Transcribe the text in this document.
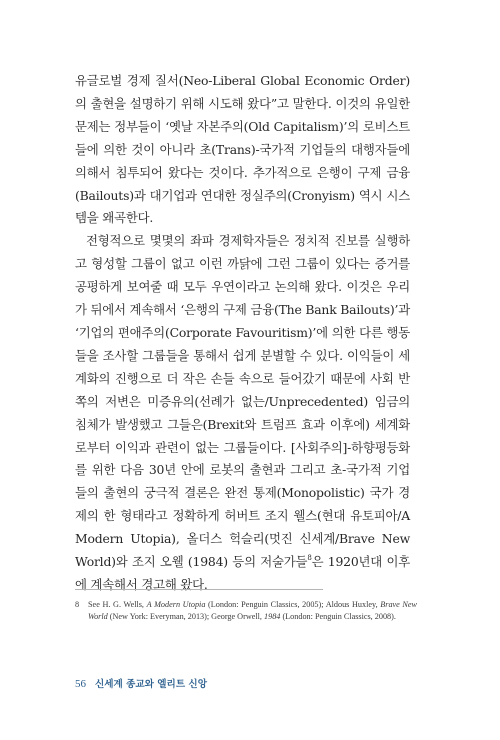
유글로벌 경제 질서(Neo-Liberal Global Economic Order)의 출현을 설명하기 위해 시도해 왔다”고 말한다. 이것의 유일한 문제는 정부들이 ‘옛날 자본주의(Old Capitalism)’의 로비스트들에 의한 것이 아니라 초(Trans)-국가적 기업들의 대행자들에 의해서 침투되어 왔다는 것이다. 추가적으로 은행이 구제 금융(Bailouts)과 대기업과 연대한 정실주의(Cronyism) 역시 시스템을 왜곡한다.

전형적으로 몇몇의 좌파 경제학자들은 정치적 진보를 실행하고 형성할 그룹이 없고 이런 까닭에 그런 그룹이 있다는 증거를 공평하게 보여줄 때 모두 우연이라고 논의해 왔다. 이것은 우리가 뒤에서 계속해서 ‘은행의 구제 금융(The Bank Bailouts)’과 ‘기업의 편애주의(Corporate Favouritism)’에 의한 다른 행동들을 조사할 그룹들을 통해서 쉽게 분별할 수 있다. 이익들이 세계화의 진행으로 더 작은 손들 속으로 들어갔기 때문에 사회 반쪽의 저변은 미증유의(선례가 없는/Unprecedented) 임금의 침체가 발생했고 그들은(Brexit와 트럼프 효과 이후에) 세계화로부터 이익과 관련이 없는 그룹들이다. [사회주의]-하향평등화를 위한 다음 30년 안에 로봇의 출현과 그리고 초-국가적 기업들의 출현의 궁극적 결론은 완전 통제(Monopolistic) 국가 경제의 한 형태라고 정확하게 허버트 조지 웰스(현대 유토피아/A Modern Utopia), 올더스 헉슬리(멋진 신세계/Brave New World)와 조지 오웰 (1984) 등의 저술가들$^8$은 1920년대 이후에 계속해서 경고해 왔다.

8 See H. G. Wells, A Modern Utopia (London: Penguin Classics, 2005); Aldous Huxley, Brave New World (New York: Everyman, 2013); George Orwell, 1984 (London: Penguin Classics, 2008).
56 신세계 종교와 엘리트 신앙
